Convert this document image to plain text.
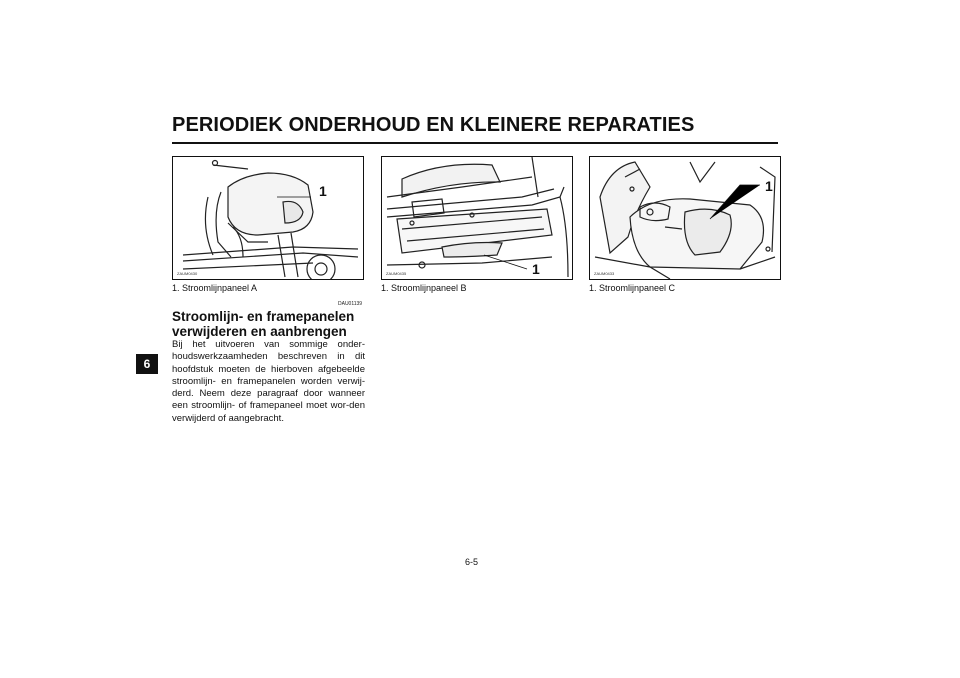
PERIODIEK ONDERHOUD EN KLEINERE REPARATIES
6
1
ZAUM0430	1
ZAUM0435
1
ZAUM0433
1. Stroomlijnpaneel A	1. Stroomlijnpaneel B	1. Stroomlijnpaneel C
DAU01139
Stroomlijn- en framepanelen verwijderen en aanbrengen

Bij het uitvoeren van sommige onder-houdswerkzaamheden beschreven in dit hoofdstuk moeten de hierboven afgebeelde stroomlijn- en framepanelen worden verwij-derd. Neem deze paragraaf door wanneer een stroomlijn- of framepaneel moet wor-den verwijderd of aangebracht.

6-5
